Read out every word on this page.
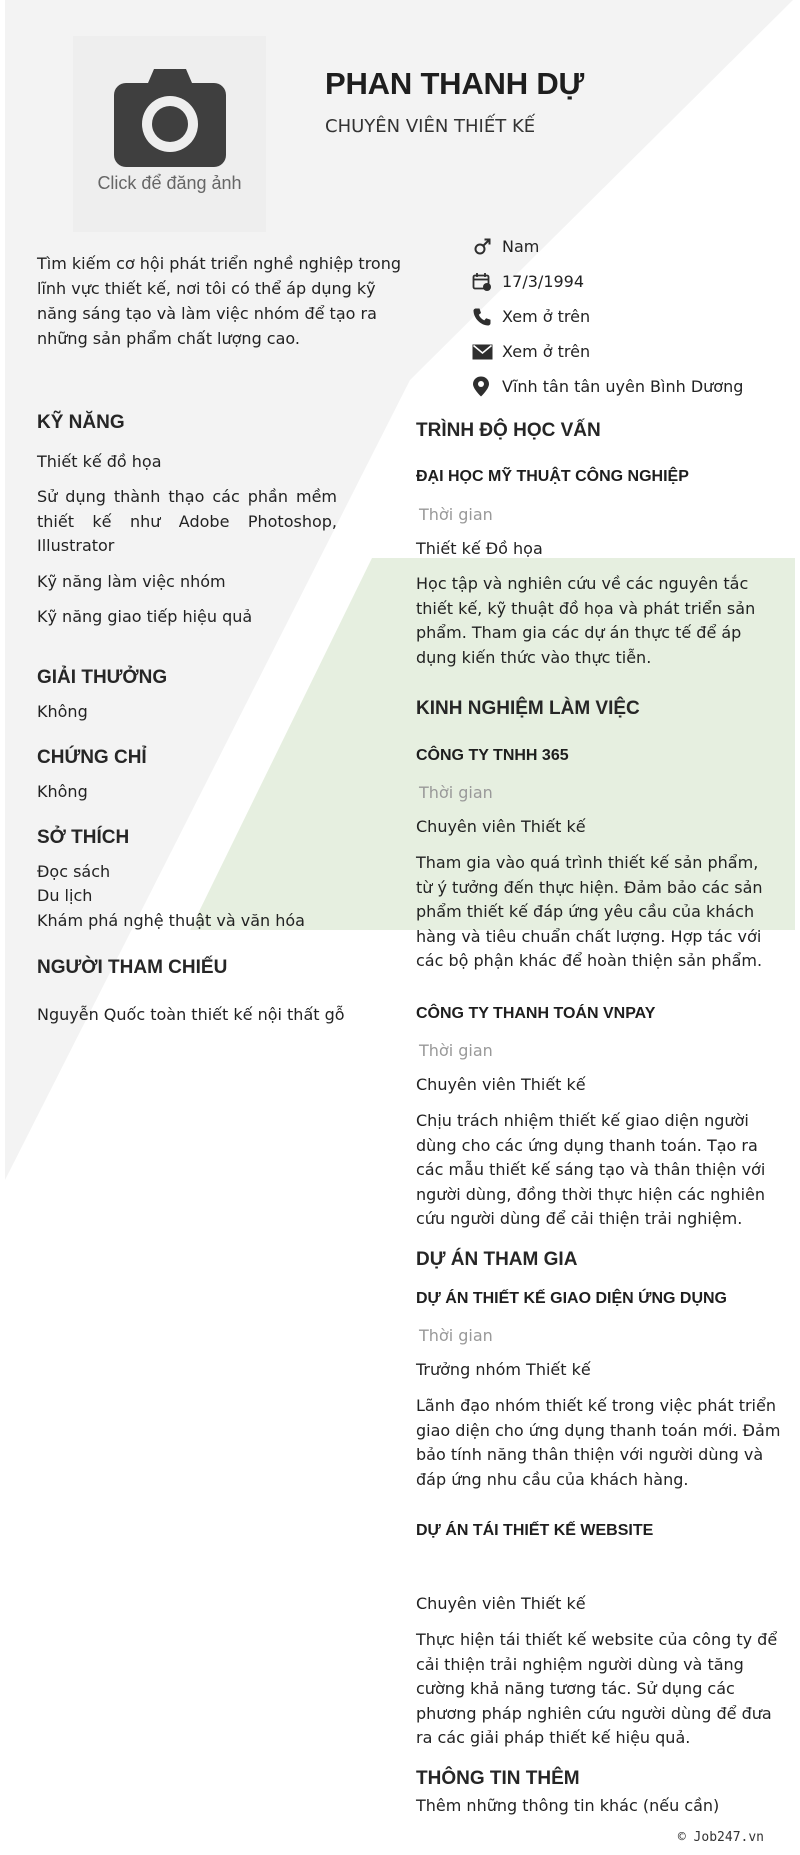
Click để đăng ảnh
PHAN THANH DỰ
CHUYÊN VIÊN THIẾT KẾ
Tìm kiếm cơ hội phát triển nghề nghiệp trong lĩnh vực thiết kế, nơi tôi có thể áp dụng kỹ năng sáng tạo và làm việc nhóm để tạo ra những sản phẩm chất lượng cao.
Nam
17/3/1994
Xem ở trên
Xem ở trên
Vĩnh tân tân uyên Bình Dương
KỸ NĂNG
Thiết kế đồ họa
Sử dụng thành thạo các phần mềm thiết kế như Adobe Photoshop, Illustrator
Kỹ năng làm việc nhóm
Kỹ năng giao tiếp hiệu quả
GIẢI THƯỞNG
Không
CHỨNG CHỈ
Không
SỞ THÍCH
Đọc sách
Du lịch
Khám phá nghệ thuật và văn hóa
NGƯỜI THAM CHIẾU
Nguyễn Quốc toàn thiết kế nội thất gỗ
TRÌNH ĐỘ HỌC VẤN
ĐẠI HỌC MỸ THUẬT CÔNG NGHIỆP
Thời gian
Thiết kế Đồ họa
Học tập và nghiên cứu về các nguyên tắc thiết kế, kỹ thuật đồ họa và phát triển sản phẩm. Tham gia các dự án thực tế để áp dụng kiến thức vào thực tiễn.
KINH NGHIỆM LÀM VIỆC
CÔNG TY TNHH 365
Thời gian
Chuyên viên Thiết kế
Tham gia vào quá trình thiết kế sản phẩm, từ ý tưởng đến thực hiện. Đảm bảo các sản phẩm thiết kế đáp ứng yêu cầu của khách hàng và tiêu chuẩn chất lượng. Hợp tác với các bộ phận khác để hoàn thiện sản phẩm.
CÔNG TY THANH TOÁN VNPAY
Thời gian
Chuyên viên Thiết kế
Chịu trách nhiệm thiết kế giao diện người dùng cho các ứng dụng thanh toán. Tạo ra các mẫu thiết kế sáng tạo và thân thiện với người dùng, đồng thời thực hiện các nghiên cứu người dùng để cải thiện trải nghiệm.
DỰ ÁN THAM GIA
DỰ ÁN THIẾT KẾ GIAO DIỆN ỨNG DỤNG
Thời gian
Trưởng nhóm Thiết kế
Lãnh đạo nhóm thiết kế trong việc phát triển giao diện cho ứng dụng thanh toán mới. Đảm bảo tính năng thân thiện với người dùng và đáp ứng nhu cầu của khách hàng.
DỰ ÁN TÁI THIẾT KẾ WEBSITE
Chuyên viên Thiết kế
Thực hiện tái thiết kế website của công ty để cải thiện trải nghiệm người dùng và tăng cường khả năng tương tác. Sử dụng các phương pháp nghiên cứu người dùng để đưa ra các giải pháp thiết kế hiệu quả.
THÔNG TIN THÊM
Thêm những thông tin khác (nếu cần)
© Job247.vn
